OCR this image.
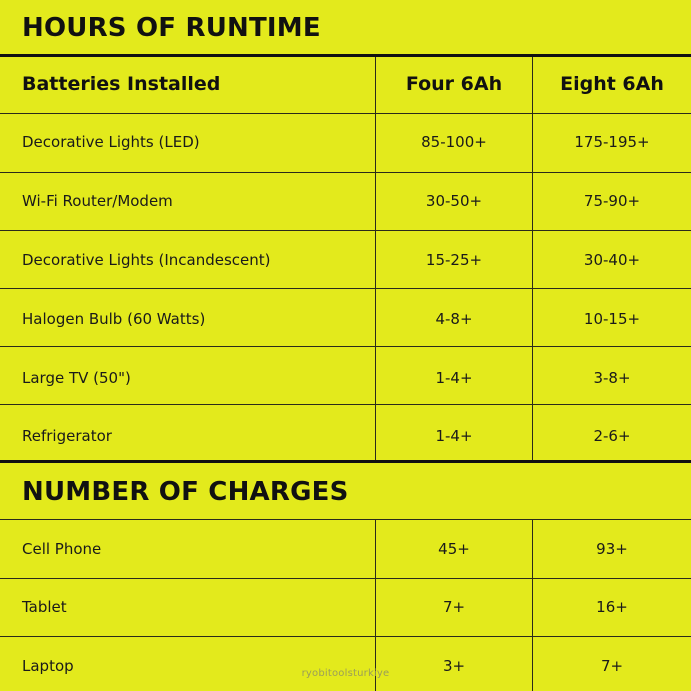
HOURS OF RUNTIME
Batteries Installed	Four 6Ah	Eight 6Ah
Decorative Lights (LED)	85-100+	175-195+
Wi-Fi Router/Modem	30-50+	75-90+
Decorative Lights (Incandescent)	15-25+	30-40+
Halogen Bulb (60 Watts)	4-8+	10-15+
Large TV (50")	1-4+	3-8+
Refrigerator	1-4+	2-6+
NUMBER OF CHARGES
Cell Phone	45+	93+
Tablet	7+	16+
Laptop	3+	7+
ryobitoolsturkiye
